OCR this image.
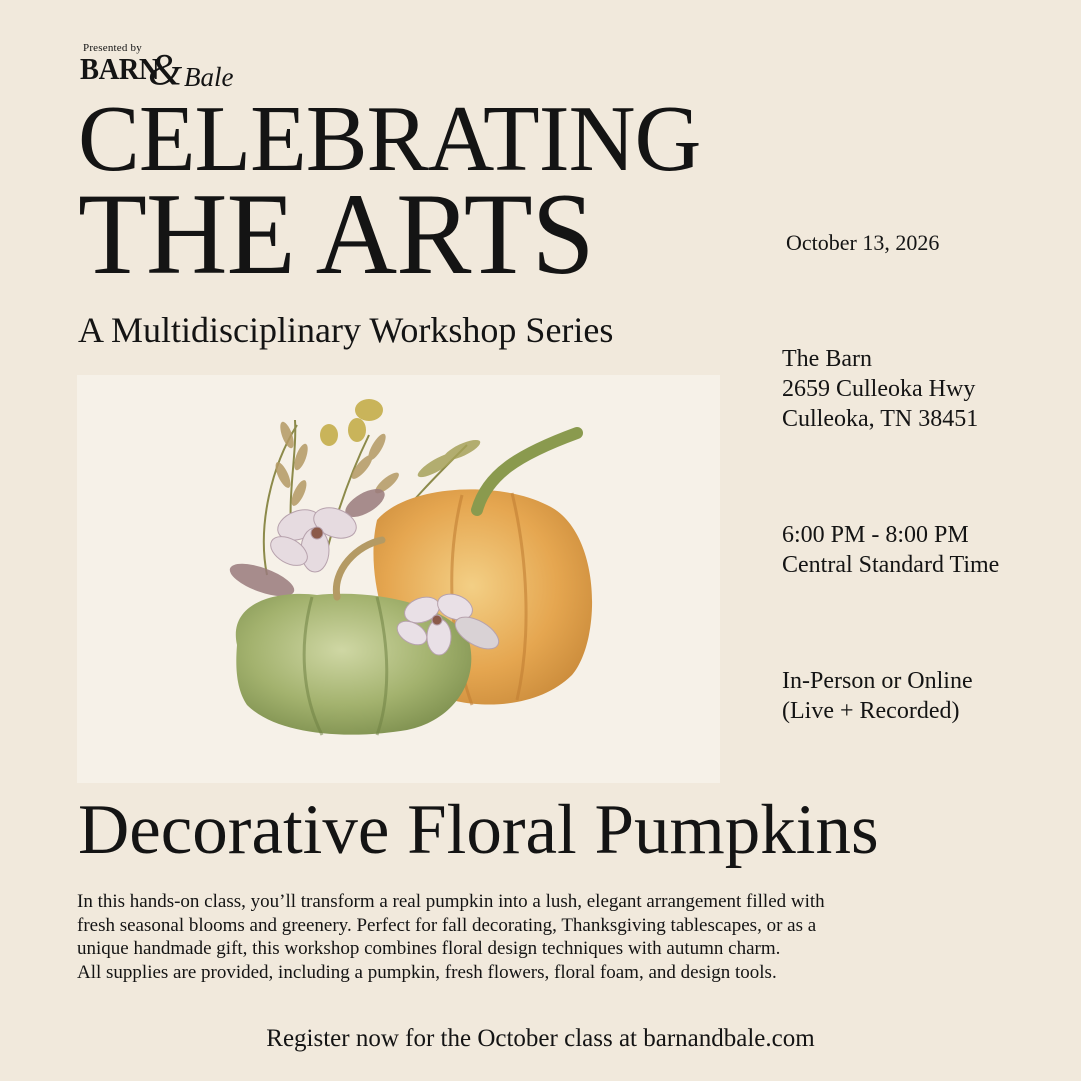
Presented by
BARN
& Bale
CELEBRATING
THE ARTS
A Multidisciplinary Workshop Series
October 13, 2026
The Barn
2659 Culleoka Hwy
Culleoka, TN 38451
6:00 PM - 8:00 PM
Central Standard Time
In-Person or Online
(Live + Recorded)
Decorative Floral Pumpkins
In this hands-on class, you’ll transform a real pumpkin into a lush, elegant arrangement filled with
fresh seasonal blooms and greenery. Perfect for fall decorating, Thanksgiving tablescapes, or as a
unique handmade gift, this workshop combines floral design techniques with autumn charm.
All supplies are provided, including a pumpkin, fresh flowers, floral foam, and design tools.
Register now for the October class at barnandbale.com
